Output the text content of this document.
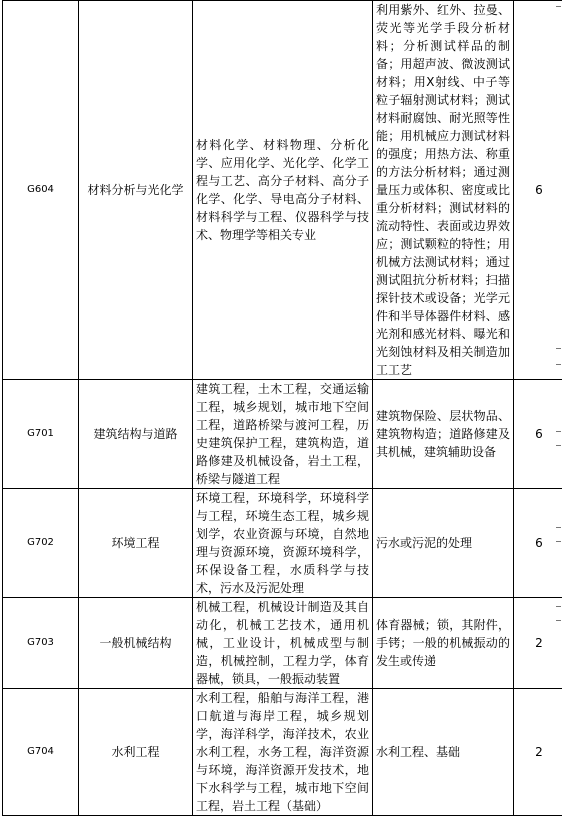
G604	材料分析与光化学	材料化学、材料物理、分析化学、应用化学、光化学、化学工程与工艺、高分子材料、高分子化学、化学、导电高分子材料、材料科学与工程、仪器科学与技术、物理学等相关专业	利用紫外、红外、拉曼、荧光等光学手段分析材料；分析测试样品的制备；用超声波、微波测试材料；用Ⅹ射线、中子等粒子辐射测试材料；测试材料耐腐蚀、耐光照等性能；用机械应力测试材料的强度；用热方法、称重的方法分析材料；通过测量压力或体积、密度或比重分析材料；测试材料的流动特性、表面或边界效应；测试颗粒的特性；用机械方法测试材料；通过测试阻抗分析材料；扫描探针技术或设备；光学元件和半导体器件材料、感光剂和感光材料、曝光和光刻蚀材料及相关制造加工工艺	6
G701	建筑结构与道路	建筑工程，土木工程，交通运输工程，城乡规划，城市地下空间工程，道路桥梁与渡河工程，历史建筑保护工程，建筑构造，道路修建及机械设备，岩土工程，桥梁与隧道工程	建筑物保险、层状物品、建筑物构造；道路修建及其机械，建筑辅助设备	6
G702	环境工程	环境工程，环境科学，环境科学与工程，环境生态工程，城乡规划学，农业资源与环境，自然地理与资源环境，资源环境科学，环保设备工程，水质科学与技术，污水及污泥处理	污水或污泥的处理	6
G703	一般机械结构	机械工程，机械设计制造及其自动化，机械工艺技术，通用机械，工业设计，机械成型与制造，机械控制，工程力学，体育器械，锁具，一般振动装置	体育器械；锁，其附件，手铐；一般的机械振动的发生或传递	2
G704	水利工程	水利工程，船舶与海洋工程，港口航道与海岸工程，城乡规划学，海洋科学，海洋技术，农业水利工程，水务工程，海洋资源与环境，海洋资源开发技术，地下水科学与工程，城市地下空间工程，岩土工程（基础）	水利工程、基础	2
